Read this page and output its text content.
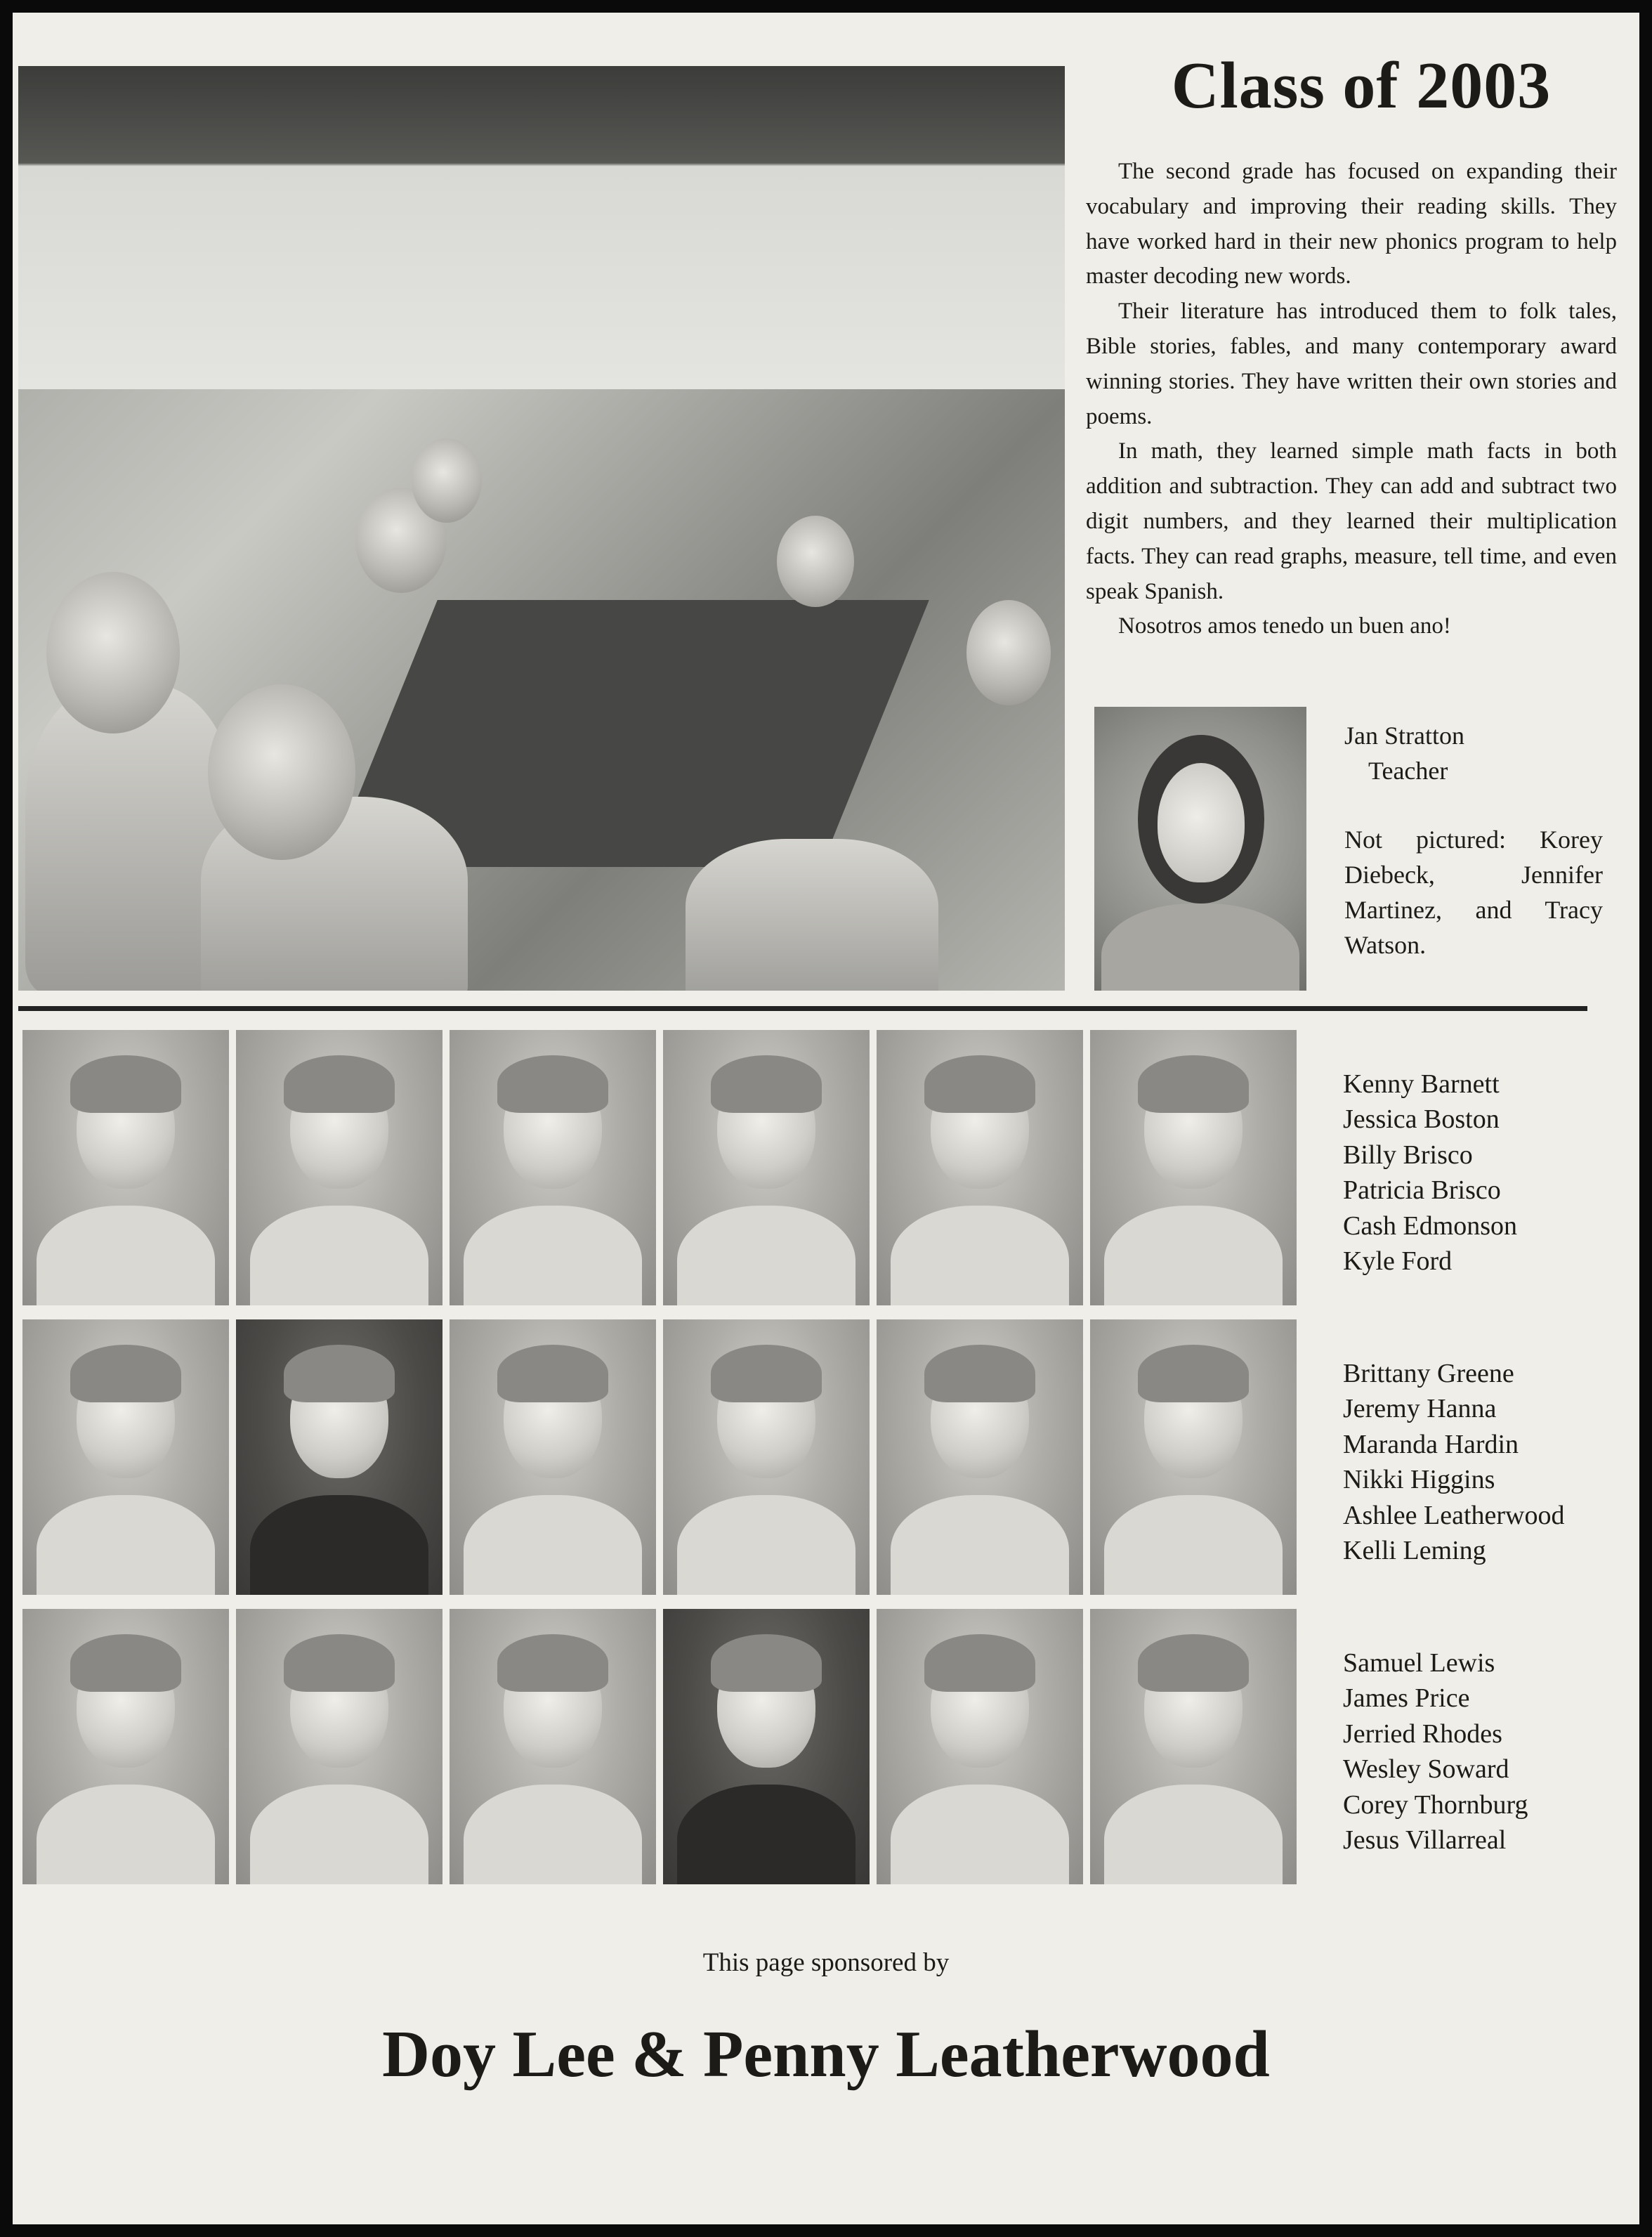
Class of 2003

The second grade has focused on expanding their vocabulary and improving their reading skills. They have worked hard in their new phonics program to help master decoding new words.

Their literature has introduced them to folk tales, Bible stories, fables, and many contemporary award winning stories. They have written their own stories and poems.

In math, they learned simple math facts in both addition and subtraction. They can add and subtract two digit numbers, and they learned their multiplication facts. They can read graphs, measure, tell time, and even speak Spanish.

Nosotros amos tenedo un buen ano!

Jan Stratton
Teacher
Not pictured: Korey Diebeck, Jennifer Martinez, and Tracy Watson.
Kenny Barnett
Jessica Boston
Billy Brisco
Patricia Brisco
Cash Edmonson
Kyle Ford
Brittany Greene
Jeremy Hanna
Maranda Hardin
Nikki Higgins
Ashlee Leatherwood
Kelli Leming
Samuel Lewis
James Price
Jerried Rhodes
Wesley Soward
Corey Thornburg
Jesus Villarreal
This page sponsored by
Doy Lee & Penny Leatherwood
